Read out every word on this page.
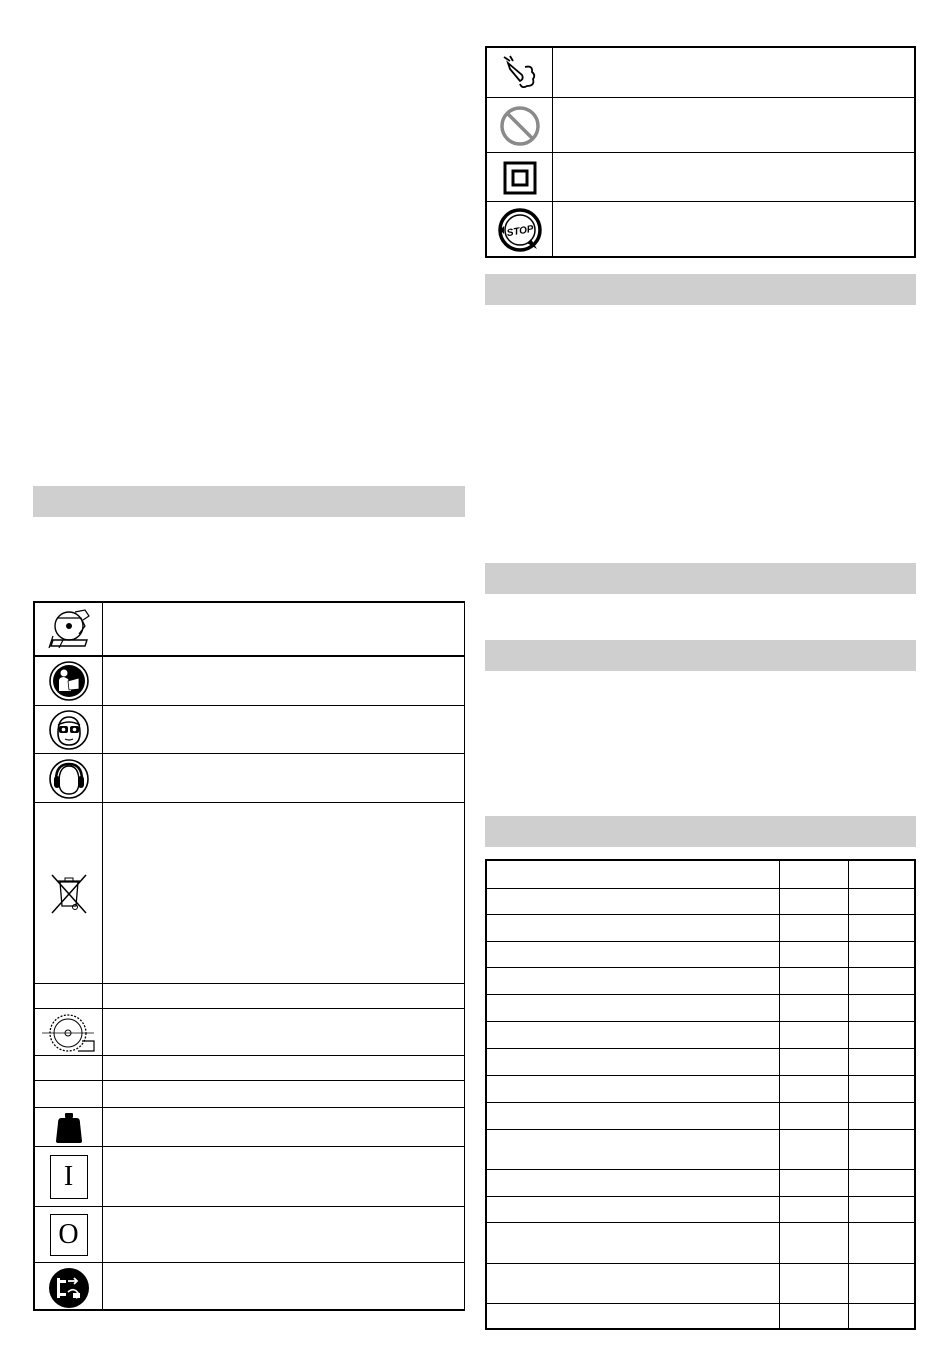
I
O
STOP
